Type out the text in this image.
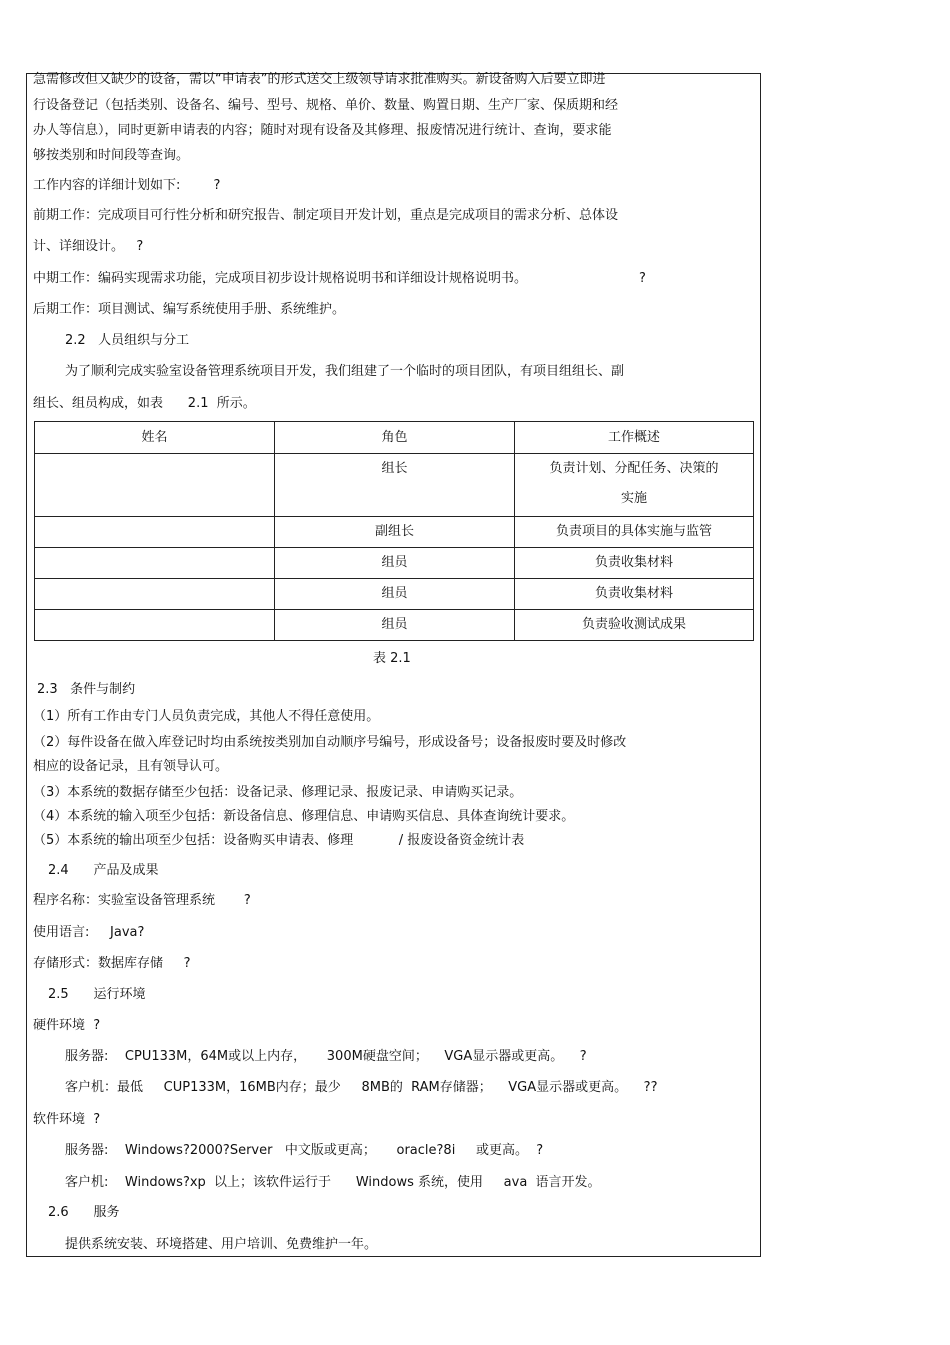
急需修改但又缺少的设备，需以“申请表”的形式送交上级领导请求批准购买。新设备购入后要立即进
行设备登记（包括类别、设备名、编号、型号、规格、单价、数量、购置日期、生产厂家、保质期和经
办人等信息），同时更新申请表的内容；随时对现有设备及其修理、报废情况进行统计、查询，要求能
够按类别和时间段等查询。
工作内容的详细计划如下:        ?
前期工作：完成项目可行性分析和研究报告、制定项目开发计划，重点是完成项目的需求分析、总体设
计、详细设计。   ?
中期工作：编码实现需求功能，完成项目初步设计规格说明书和详细设计规格说明书。	?
后期工作：项目测试、编写系统使用手册、系统维护。
2.2   人员组织与分工
为了顺利完成实验室设备管理系统项目开发，我们组建了一个临时的项目团队，有项目组组长、副
组长、组员构成，如表      2.1  所示。
姓名	角色	工作概述
	组长	负责计划、分配任务、决策的实施
	副组长	负责项目的具体实施与监管
	组员	负责收集材料
	组员	负责收集材料
	组员	负责验收测试成果
表 2.1
2.3   条件与制约
（1）所有工作由专门人员负责完成，其他人不得任意使用。
（2）每件设备在做入库登记时均由系统按类别加自动顺序号编号，形成设备号；设备报废时要及时修改
相应的设备记录，且有领导认可。
（3）本系统的数据存储至少包括：设备记录、修理记录、报废记录、申请购买记录。
（4）本系统的输入项至少包括：新设备信息、修理信息、申请购买信息、具体查询统计要求。
（5）本系统的输出项至少包括：设备购买申请表、修理           / 报废设备资金统计表
2.4      产品及成果
程序名称：实验室设备管理系统       ?
使用语言:     Java?
存储形式：数据库存储     ?
2.5      运行环境
硬件环境  ?
服务器:    CPU133M，64M或以上内存，     300M硬盘空间；    VGA显示器或更高。    ?
客户机：最低     CUP133M，16MB内存；最少     8MB的  RAM存储器；    VGA显示器或更高。    ??
软件环境  ?
服务器:    Windows?2000?Server   中文版或更高；     oracle?8i     或更高。  ?
客户机:    Windows?xp  以上；该软件运行于      Windows 系统，使用     ava  语言开发。
2.6      服务
提供系统安装、环境搭建、用户培训、免费维护一年。
